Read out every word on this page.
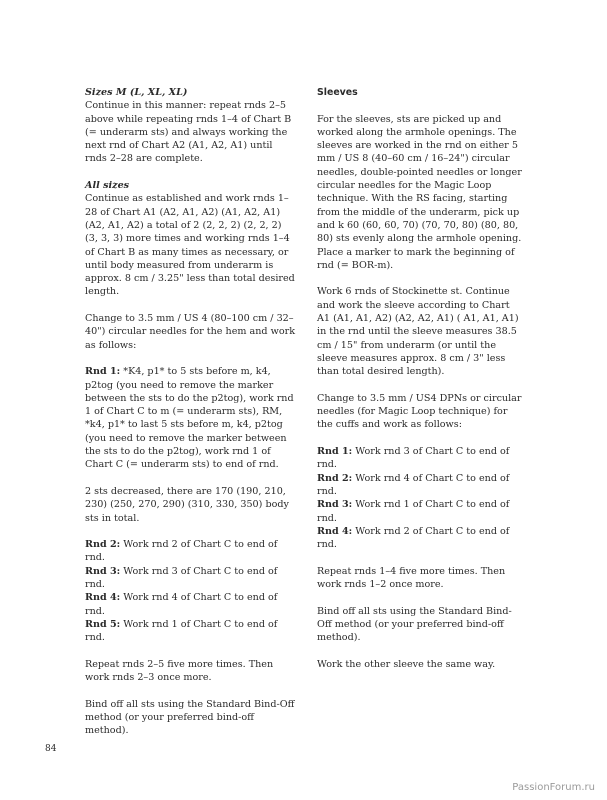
Sizes M (L, XL, XL)

Continue in this manner: repeat rnds 2–5 above while repeating rnds 1–4 of Chart B (= underarm sts) and always working the next rnd of Chart A2 (A1, A2, A1) until rnds 2–28 are complete.

All sizes

Continue as established and work rnds 1–28 of Chart A1 (A2, A1, A2) (A1, A2, A1) (A2, A1, A2) a total of 2 (2, 2, 2) (2, 2, 2) (3, 3, 3) more times and working rnds 1–4 of Chart B as many times as necessary, or until body measured from underarm is approx. 8 cm / 3.25" less than total desired length.

Change to 3.5 mm / US 4 (80–100 cm / 32–40") circular needles for the hem and work as follows:

Rnd 1: *K4, p1* to 5 sts before m, k4, p2tog (you need to remove the marker between the sts to do the p2tog), work rnd 1 of Chart C to m (= underarm sts), RM, *k4, p1* to last 5 sts before m, k4, p2tog (you need to remove the marker between the sts to do the p2tog), work rnd 1 of Chart C (= underarm sts) to end of rnd.

2 sts decreased, there are 170 (190, 210, 230) (250, 270, 290) (310, 330, 350) body sts in total.

Rnd 2: Work rnd 2 of Chart C to end of rnd.

Rnd 3: Work rnd 3 of Chart C to end of rnd.

Rnd 4: Work rnd 4 of Chart C to end of rnd.

Rnd 5: Work rnd 1 of Chart C to end of rnd.

Repeat rnds 2–5 five more times. Then work rnds 2–3 once more.

Bind off all sts using the Standard Bind-Off method (or your preferred bind-off method).

Sleeves

For the sleeves, sts are picked up and worked along the armhole openings. The sleeves are worked in the rnd on either 5 mm / US 8 (40–60 cm / 16–24") circular needles, double-pointed needles or longer circular needles for the Magic Loop technique. With the RS facing, starting from the middle of the underarm, pick up and k 60 (60, 60, 70) (70, 70, 80) (80, 80, 80) sts evenly along the armhole opening. Place a marker to mark the beginning of rnd (= BOR-m).

Work 6 rnds of Stockinette st. Continue and work the sleeve according to Chart A1 (A1, A1, A2) (A2, A2, A1) ( A1, A1, A1) in the rnd until the sleeve measures 38.5 cm / 15" from underarm (or until the sleeve measures approx. 8 cm / 3" less than total desired length).

Change to 3.5 mm / US4 DPNs or circular needles (for Magic Loop technique) for the cuffs and work as follows:

Rnd 1: Work rnd 3 of Chart C to end of rnd.

Rnd 2: Work rnd 4 of Chart C to end of rnd.

Rnd 3: Work rnd 1 of Chart C to end of rnd.

Rnd 4: Work rnd 2 of Chart C to end of rnd.

Repeat rnds 1–4 five more times. Then work rnds 1–2 once more.

Bind off all sts using the Standard Bind-Off method (or your preferred bind-off method).

Work the other sleeve the same way.

84
PassionForum.ru
